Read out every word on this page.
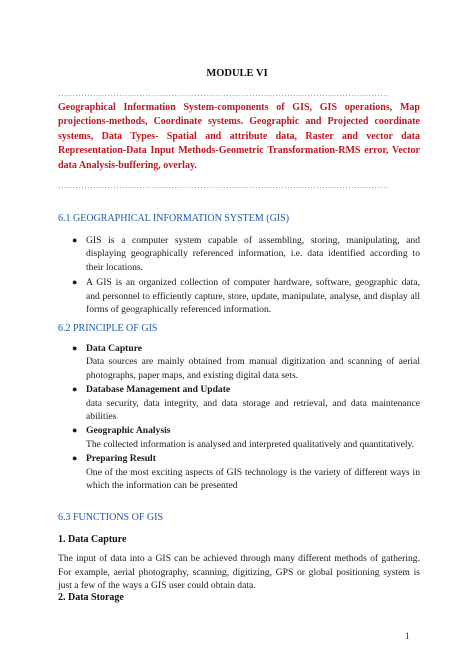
MODULE VI
……………………………………………………………………………………………………
Geographical Information System-components of GIS, GIS operations, Map projections-methods, Coordinate systems. Geographic and Projected coordinate systems, Data Types- Spatial and attribute data, Raster and vector data Representation-Data Input Methods-Geometric Transformation-RMS error, Vector data Analysis-buffering, overlay.
……………………………………………………………………………………………………
6.1 GEOGRAPHICAL INFORMATION SYSTEM (GIS)
● GIS is a computer system capable of assembling, storing, manipulating, and displaying geographically referenced information, i.e. data identified according to their locations.
● A GIS is an organized collection of computer hardware, software, geographic data, and personnel to efficiently capture, store, update, manipulate, analyse, and display all forms of geographically referenced information.
6.2 PRINCIPLE OF GIS
● Data Capture
Data sources are mainly obtained from manual digitization and scanning of aerial photographs, paper maps, and existing digital data sets.
● Database Management and Update
data security, data integrity, and data storage and retrieval, and data maintenance abilities
● Geographic Analysis
The collected information is analysed and interpreted qualitatively and quantitatively.
● Preparing Result
One of the most exciting aspects of GIS technology is the variety of different ways in which the information can be presented
6.3 FUNCTIONS OF GIS
1. Data Capture
The input of data into a GIS can be achieved through many different methods of gathering. For example, aerial photography, scanning, digitizing, GPS or global positioning system is just a few of the ways a GIS user could obtain data.
2. Data Storage
1
